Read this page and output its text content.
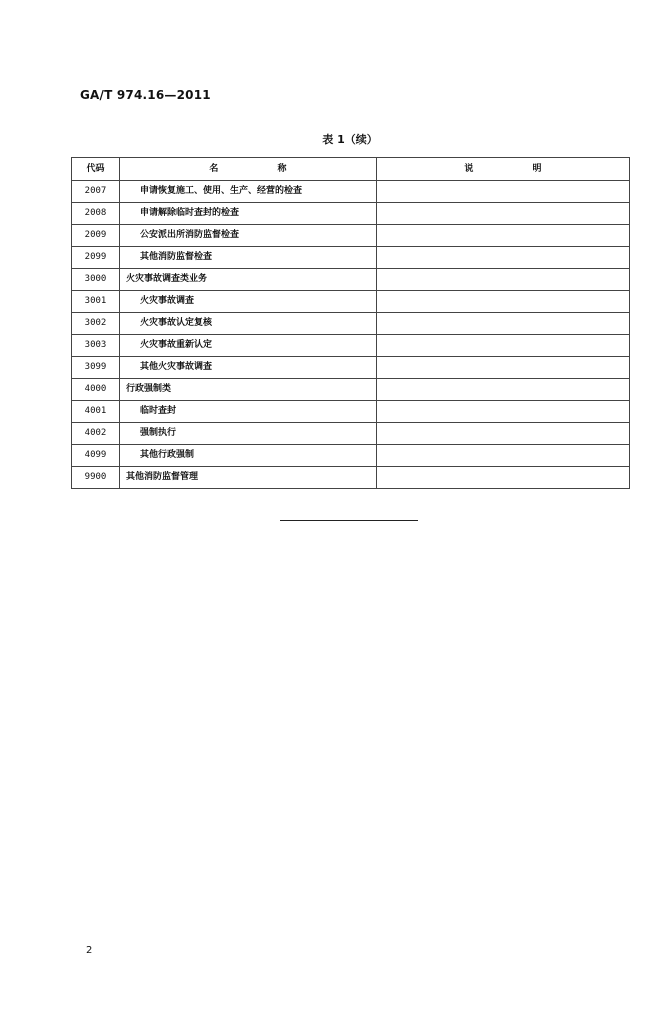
GA/T 974.16—2011
表 1（续）
代码	名 称	说 明
2007	申请恢复施工、使用、生产、经营的检查	
2008	申请解除临时查封的检查	
2009	公安派出所消防监督检查	
2099	其他消防监督检查	
3000	火灾事故调查类业务	
3001	火灾事故调查	
3002	火灾事故认定复核	
3003	火灾事故重新认定	
3099	其他火灾事故调查	
4000	行政强制类	
4001	临时查封	
4002	强制执行	
4099	其他行政强制	
9900	其他消防监督管理	
2
